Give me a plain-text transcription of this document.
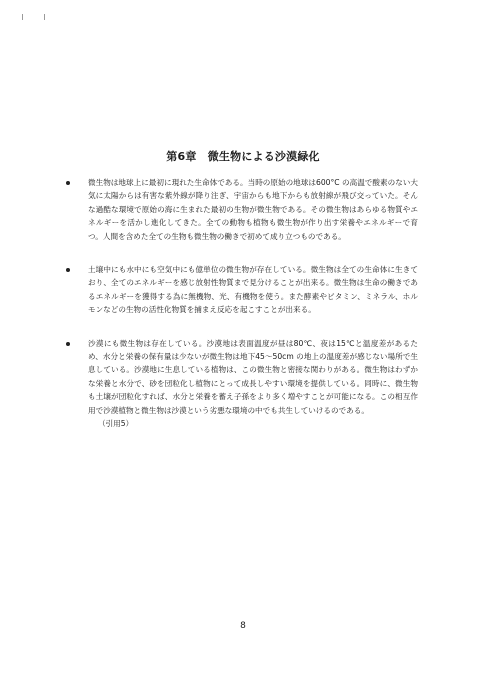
第6章　微生物による沙漠緑化

微生物は地球上に最初に現れた生命体である。当時の原始の地球は600°C の高温で酸素のない大気に太陽からは有害な紫外線が降り注ぎ、宇宙からも地下からも放射線が飛び交っていた。そんな過酷な環境で原始の海に生まれた最初の生物が微生物である。その微生物はあらゆる物質やエネルギーを活かし進化してきた。全ての動物も植物も微生物が作り出す栄養やエネルギーで育つ。人間を含めた全ての生物も微生物の働きで初めて成り立つものである。

土壌中にも水中にも空気中にも億単位の微生物が存在している。微生物は全ての生命体に生きており、全てのエネルギーを感じ放射性物質まで見分けることが出来る。微生物は生命の働きであるエネルギーを獲得する為に無機物、光、有機物を使う。また酵素やビタミン、ミネラル、ホルモンなどの生物の活性化物質を捕まえ反応を起こすことが出来る。

沙漠にも微生物は存在している。沙漠地は表面温度が昼は80℃、夜は15℃と温度差があるため、水分と栄養の保有量は少ないが微生物は地下45～50cm の地上の温度差が感じない場所で生息している。沙漠地に生息している植物は、この微生物と密接な関わりがある。微生物はわずかな栄養と水分で、砂を団粒化し植物にとって成長しやすい環境を提供している。同時に、微生物も土壌が団粒化すれば、水分と栄養を蓄え子孫をより多く増やすことが可能になる。この相互作用で沙漠植物と微生物は沙漠という劣悪な環境の中でも共生していけるのである。

（引用5）
8
